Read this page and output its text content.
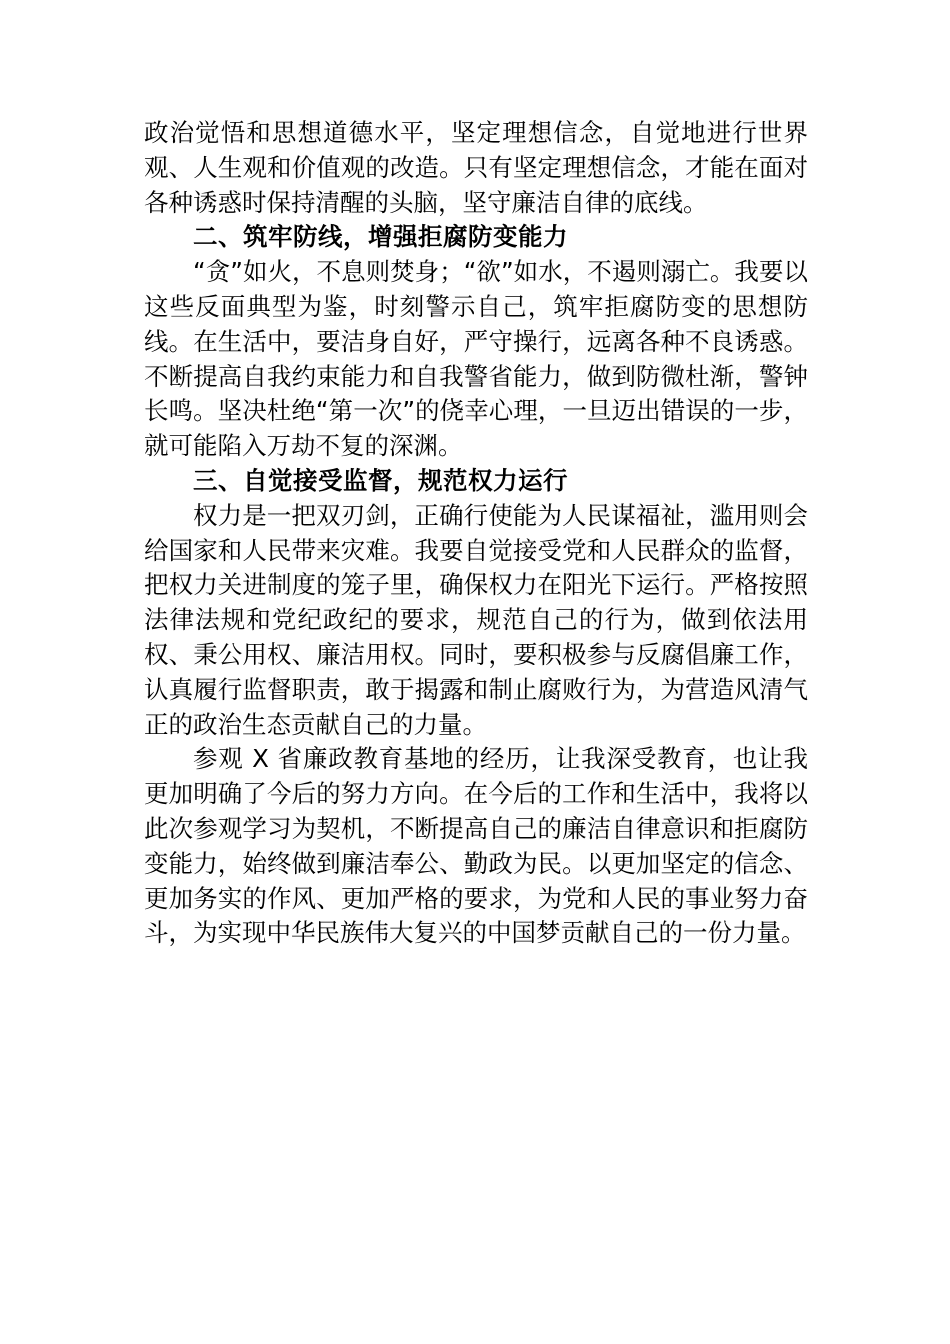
政治觉悟和思想道德水平，坚定理想信念，自觉地进行世界观、人生观和价值观的改造。只有坚定理想信念，才能在面对各种诱惑时保持清醒的头脑，坚守廉洁自律的底线。

二、筑牢防线，增强拒腐防变能力

“贪”如火，不息则焚身；“欲”如水，不遏则溺亡。我要以这些反面典型为鉴，时刻警示自己，筑牢拒腐防变的思想防线。在生活中，要洁身自好，严守操行，远离各种不良诱惑。不断提高自我约束能力和自我警省能力，做到防微杜渐，警钟长鸣。坚决杜绝“第一次”的侥幸心理，一旦迈出错误的一步，就可能陷入万劫不复的深渊。

三、自觉接受监督，规范权力运行

权力是一把双刃剑，正确行使能为人民谋福祉，滥用则会给国家和人民带来灾难。我要自觉接受党和人民群众的监督，把权力关进制度的笼子里，确保权力在阳光下运行。严格按照法律法规和党纪政纪的要求，规范自己的行为，做到依法用权、秉公用权、廉洁用权。同时，要积极参与反腐倡廉工作，认真履行监督职责，敢于揭露和制止腐败行为，为营造风清气正的政治生态贡献自己的力量。

参观 X 省廉政教育基地的经历，让我深受教育，也让我更加明确了今后的努力方向。在今后的工作和生活中，我将以此次参观学习为契机，不断提高自己的廉洁自律意识和拒腐防变能力，始终做到廉洁奉公、勤政为民。以更加坚定的信念、更加务实的作风、更加严格的要求，为党和人民的事业努力奋斗，为实现中华民族伟大复兴的中国梦贡献自己的一份力量。
